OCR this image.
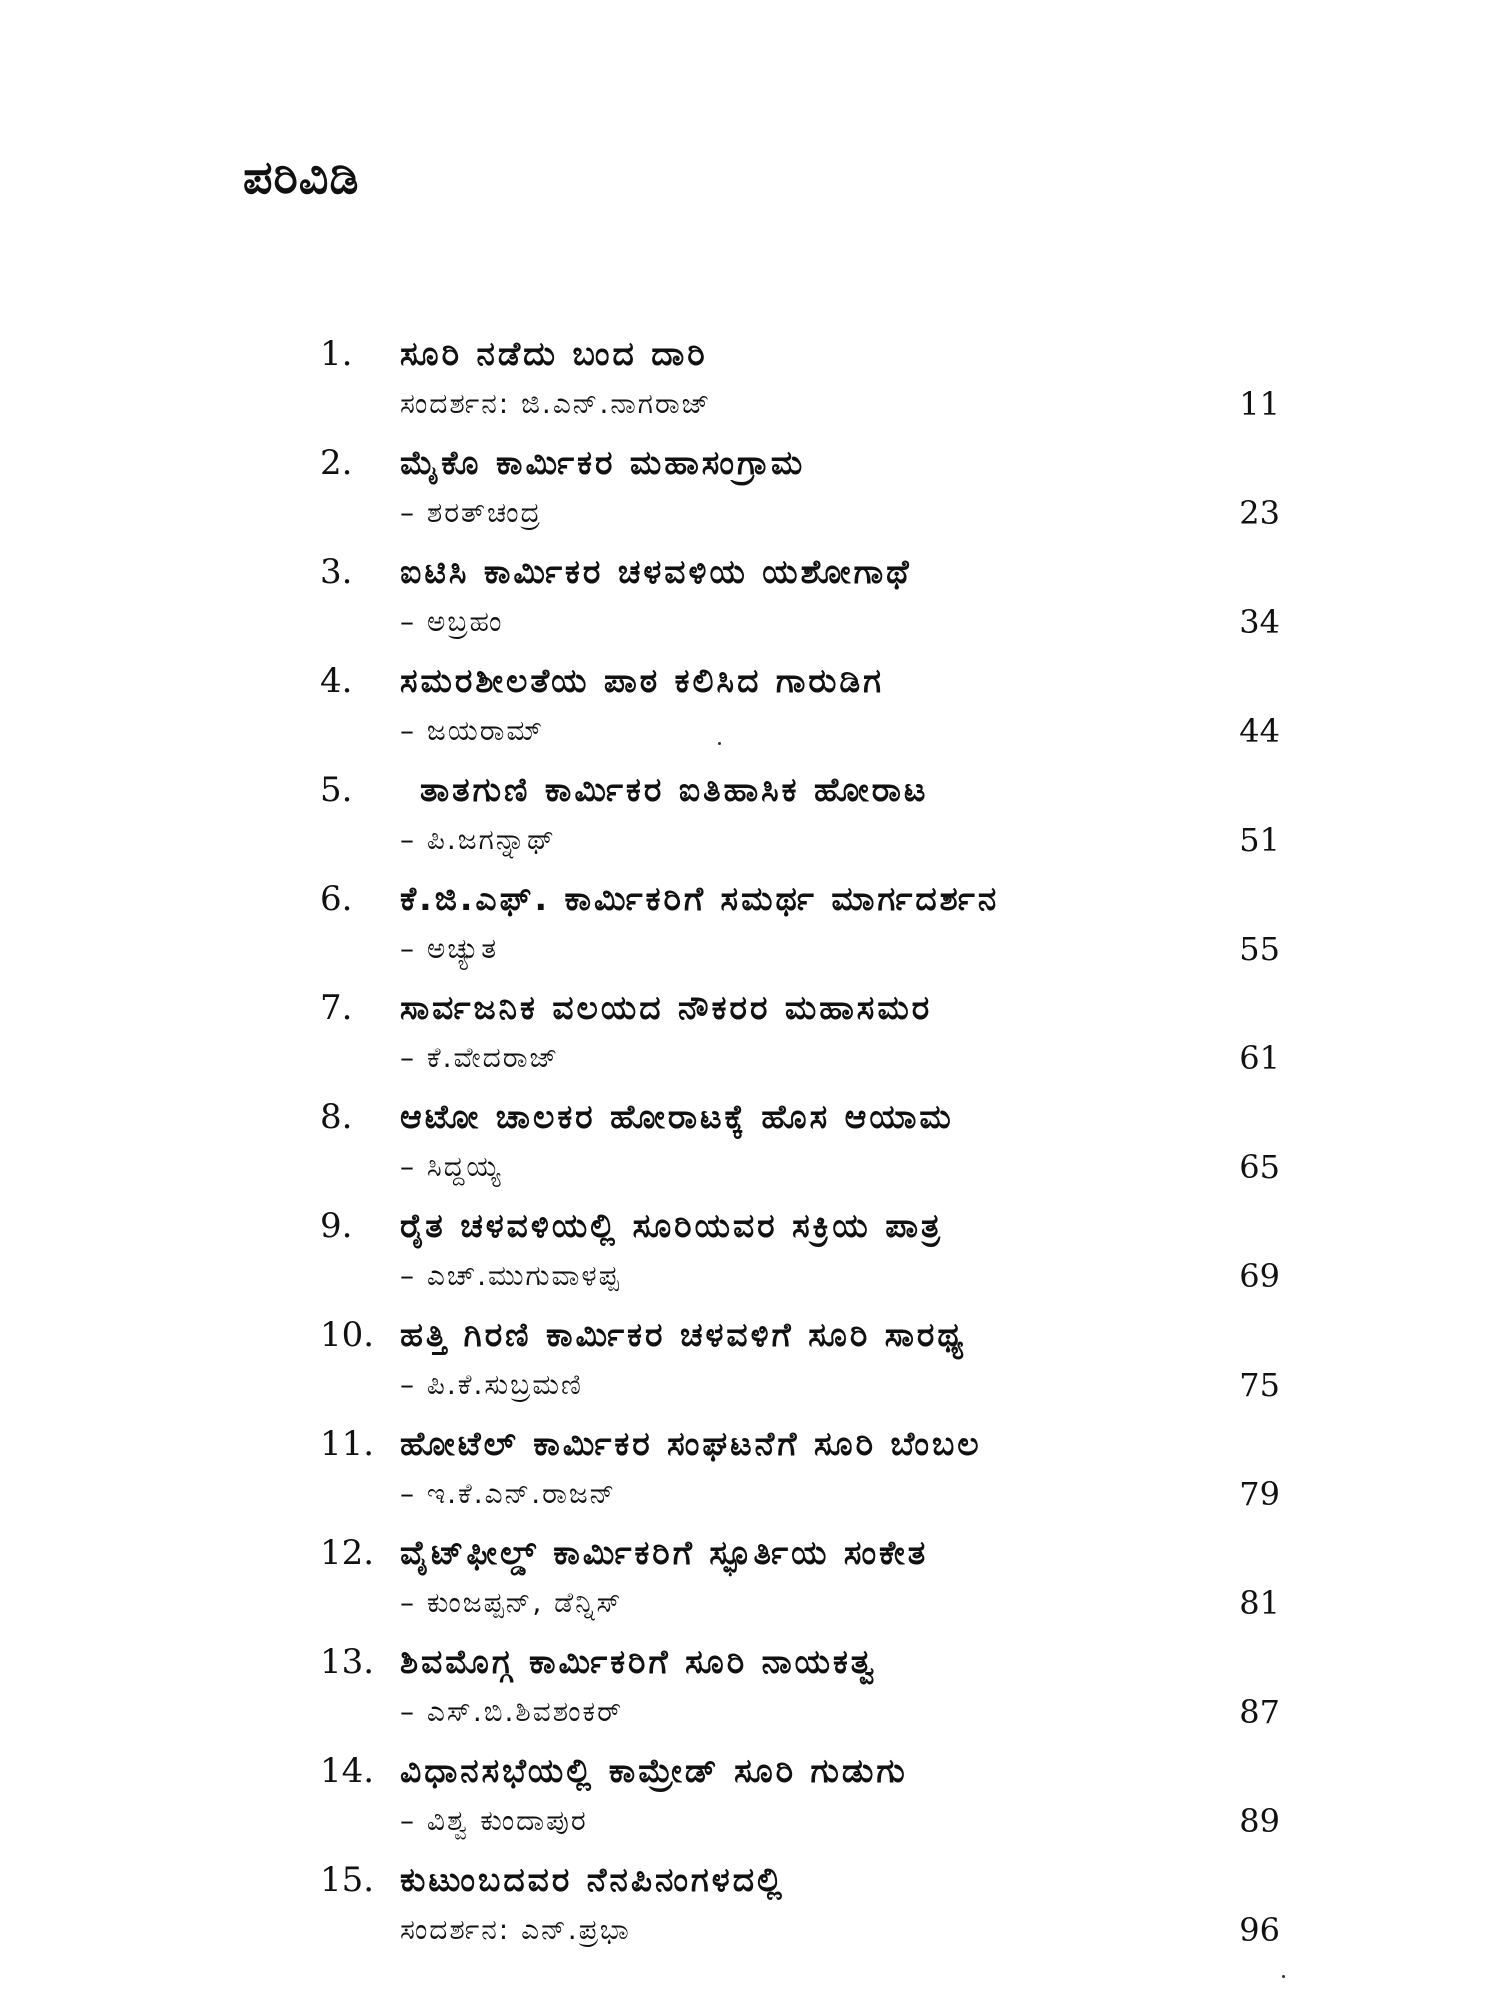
ಪರಿವಿಡಿ
1. ಸೂರಿ ನಡೆದು ಬಂದ ದಾರಿ
ಸಂದರ್ಶನ: ಜಿ.ಎನ್.ನಾಗರಾಜ್	11
2. ಮೈಕೊ ಕಾರ್ಮಿಕರ ಮಹಾಸಂಗ್ರಾಮ
– ಶರತ್‌ಚಂದ್ರ	23
3. ಐಟಿಸಿ ಕಾರ್ಮಿಕರ ಚಳವಳಿಯ ಯಶೋಗಾಥೆ
– ಅಬ್ರಹಂ	34
4. ಸಮರಶೀಲತೆಯ ಪಾಠ ಕಲಿಸಿದ ಗಾರುಡಿಗ
– ಜಯರಾಮ್	44
5. ತಾತಗುಣಿ ಕಾರ್ಮಿಕರ ಐತಿಹಾಸಿಕ ಹೋರಾಟ
– ಪಿ.ಜಗನ್ನಾಥ್	51
6. ಕೆ.ಜಿ.ಎಫ್. ಕಾರ್ಮಿಕರಿಗೆ ಸಮರ್ಥ ಮಾರ್ಗದರ್ಶನ
– ಅಚ್ಯುತ	55
7. ಸಾರ್ವಜನಿಕ ವಲಯದ ನೌಕರರ ಮಹಾಸಮರ
– ಕೆ.ವೇದರಾಜ್	61
8. ಆಟೋ ಚಾಲಕರ ಹೋರಾಟಕ್ಕೆ ಹೊಸ ಆಯಾಮ
– ಸಿದ್ದಯ್ಯ	65
9. ರೈತ ಚಳವಳಿಯಲ್ಲಿ ಸೂರಿಯವರ ಸಕ್ರಿಯ ಪಾತ್ರ
– ಎಚ್.ಮುಗುವಾಳಪ್ಪ	69
10. ಹತ್ತಿ ಗಿರಣಿ ಕಾರ್ಮಿಕರ ಚಳವಳಿಗೆ ಸೂರಿ ಸಾರಥ್ಯ
– ಪಿ.ಕೆ.ಸುಬ್ರಮಣಿ	75
11. ಹೋಟೆಲ್ ಕಾರ್ಮಿಕರ ಸಂಘಟನೆಗೆ ಸೂರಿ ಬೆಂಬಲ
– ಇ.ಕೆ.ಎನ್.ರಾಜನ್	79
12. ವೈಟ್‌ಫೀಲ್ಡ್ ಕಾರ್ಮಿಕರಿಗೆ ಸ್ಫೂರ್ತಿಯ ಸಂಕೇತ
– ಕುಂಜಪ್ಪನ್, ಡೆನ್ನಿಸ್	81
13. ಶಿವಮೊಗ್ಗ ಕಾರ್ಮಿಕರಿಗೆ ಸೂರಿ ನಾಯಕತ್ವ
– ಎಸ್.ಬಿ.ಶಿವಶಂಕರ್	87
14. ವಿಧಾನಸಭೆಯಲ್ಲಿ ಕಾಮ್ರೇಡ್ ಸೂರಿ ಗುಡುಗು
– ವಿಶ್ವ ಕುಂದಾಪುರ	89
15. ಕುಟುಂಬದವರ ನೆನಪಿನಂಗಳದಲ್ಲಿ
ಸಂದರ್ಶನ: ಎನ್.ಪ್ರಭಾ	96
